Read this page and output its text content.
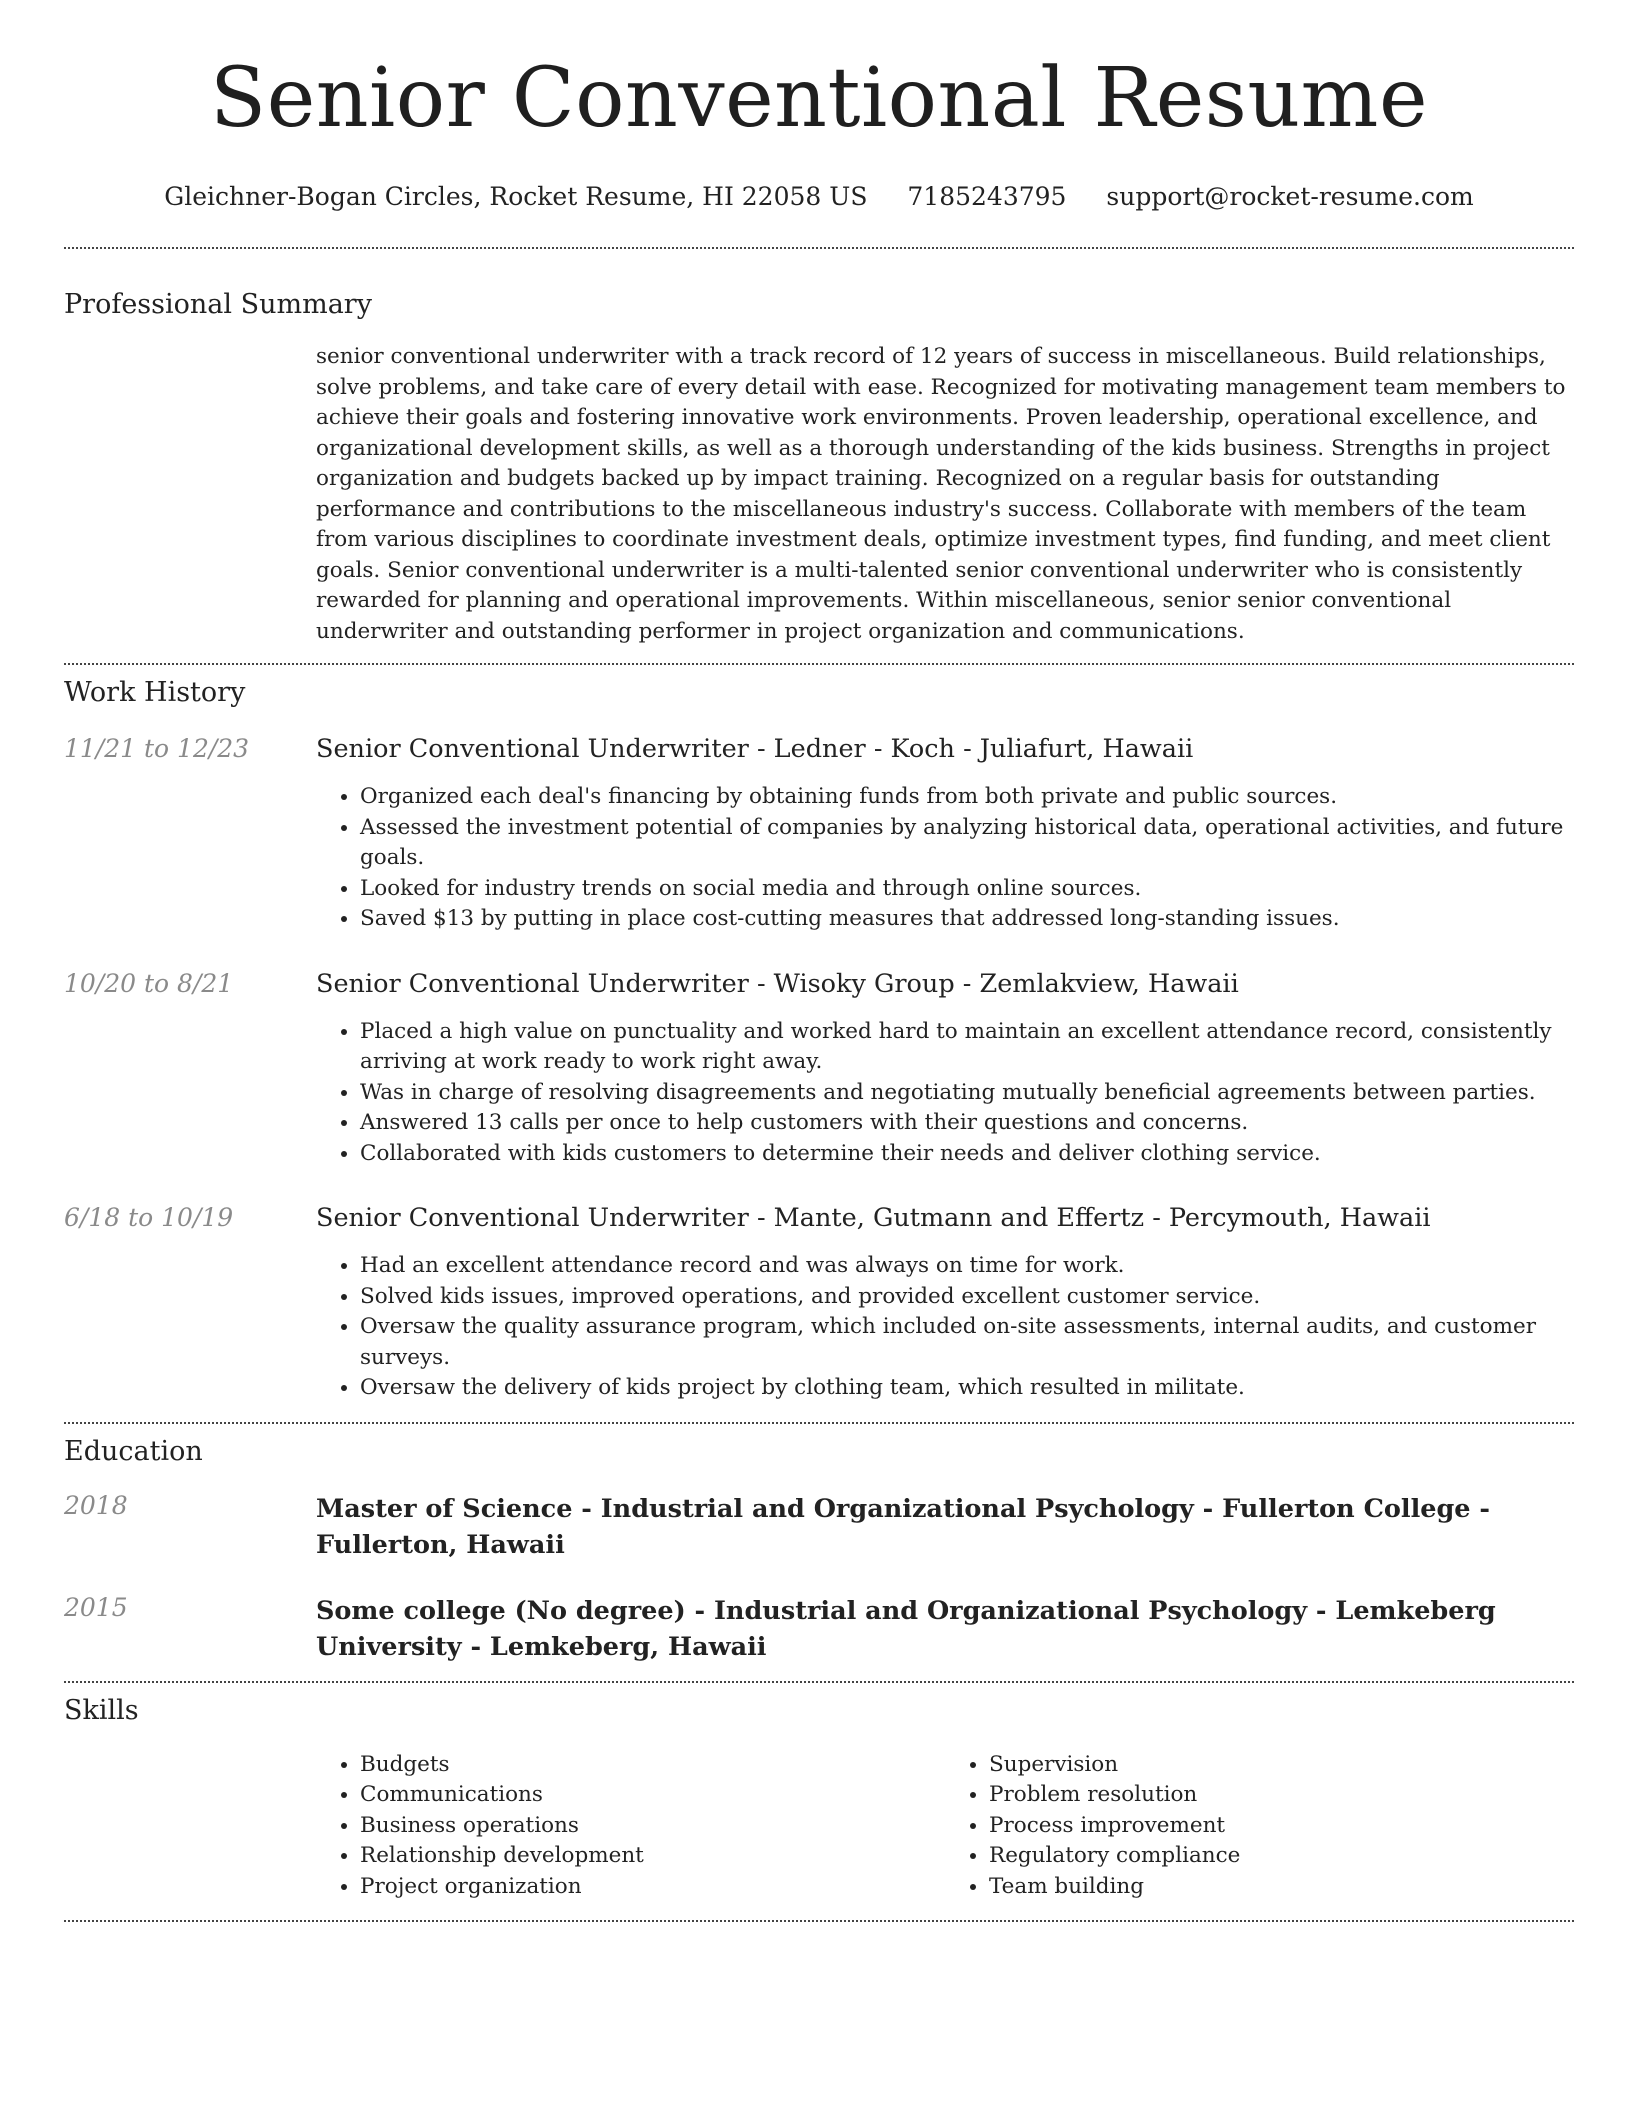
Senior Conventional Resume
Gleichner-Bogan Circles, Rocket Resume, HI 22058 US 7185243795 support@rocket-resume.com
Professional Summary

senior conventional underwriter with a track record of 12 years of success in miscellaneous. Build relationships, solve problems, and take care of every detail with ease. Recognized for motivating management team members to achieve their goals and fostering innovative work environments. Proven leadership, operational excellence, and organizational development skills, as well as a thorough understanding of the kids business. Strengths in project organization and budgets backed up by impact training. Recognized on a regular basis for outstanding performance and contributions to the miscellaneous industry's success. Collaborate with members of the team from various disciplines to coordinate investment deals, optimize investment types, find funding, and meet client goals. Senior conventional underwriter is a multi-talented senior conventional underwriter who is consistently rewarded for planning and operational improvements. Within miscellaneous, senior senior conventional underwriter and outstanding performer in project organization and communications.

Work History
11/21 to 12/23	Senior Conventional Underwriter - Ledner - Koch - Juliafurt, Hawaii
• Organized each deal's financing by obtaining funds from both private and public sources.
• Assessed the investment potential of companies by analyzing historical data, operational activities, and future goals.
• Looked for industry trends on social media and through online sources.
• Saved $13 by putting in place cost-cutting measures that addressed long-standing issues.
10/20 to 8/21	Senior Conventional Underwriter - Wisoky Group - Zemlakview, Hawaii
• Placed a high value on punctuality and worked hard to maintain an excellent attendance record, consistently arriving at work ready to work right away.
• Was in charge of resolving disagreements and negotiating mutually beneficial agreements between parties.
• Answered 13 calls per once to help customers with their questions and concerns.
• Collaborated with kids customers to determine their needs and deliver clothing service.
6/18 to 10/19	Senior Conventional Underwriter - Mante, Gutmann and Effertz - Percymouth, Hawaii
• Had an excellent attendance record and was always on time for work.
• Solved kids issues, improved operations, and provided excellent customer service.
• Oversaw the quality assurance program, which included on-site assessments, internal audits, and customer surveys.
• Oversaw the delivery of kids project by clothing team, which resulted in militate.
Education
2018	Master of Science - Industrial and Organizational Psychology - Fullerton College - Fullerton, Hawaii
2015	Some college (No degree) - Industrial and Organizational Psychology - Lemkeberg University - Lemkeberg, Hawaii
Skills
• Budgets
• Communications
• Business operations
• Relationship development
• Project organization
• Supervision
• Problem resolution
• Process improvement
• Regulatory compliance
• Team building
